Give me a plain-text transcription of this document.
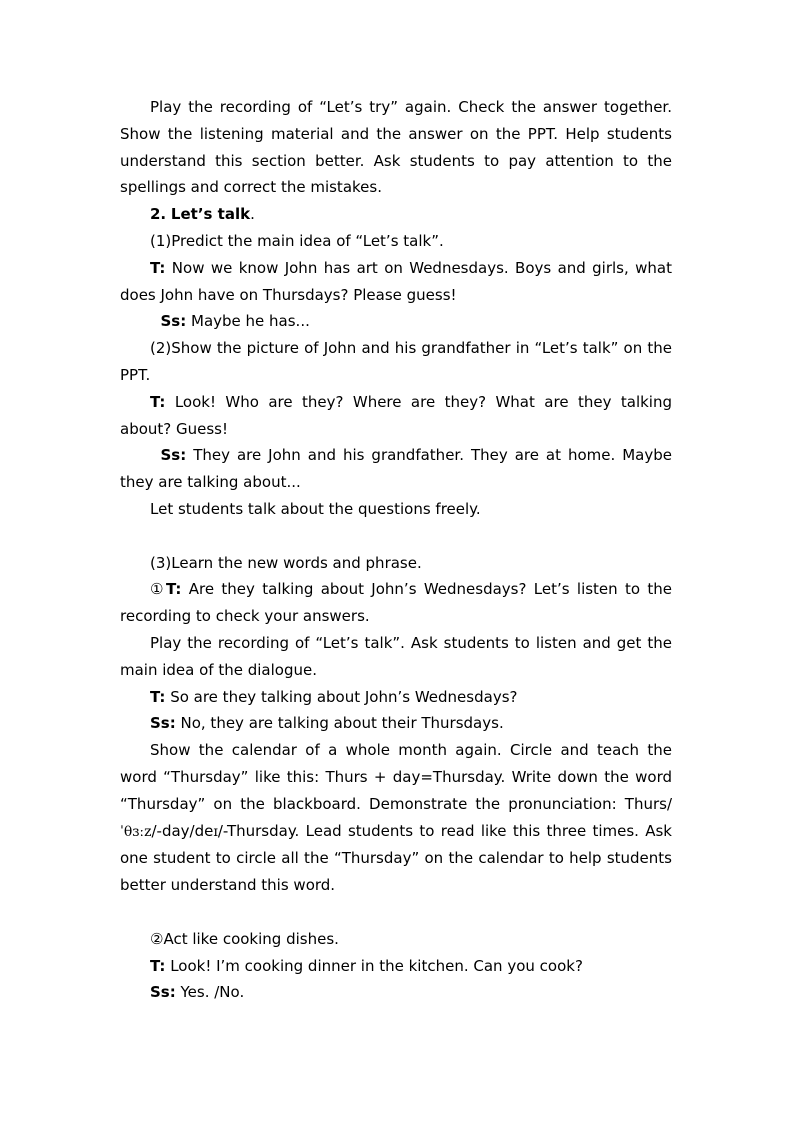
Play the recording of “Let’s try” again. Check the answer together. Show the listening material and the answer on the PPT. Help students understand this section better. Ask students to pay attention to the spellings and correct the mistakes.

2. Let’s talk.

(1)Predict the main idea of “Let’s talk”.

T: Now we know John has art on Wednesdays. Boys and girls, what does John have on Thursdays? Please guess!

Ss: Maybe he has...

(2)Show the picture of John and his grandfather in “Let’s talk” on the PPT.

T: Look! Who are they? Where are they? What are they talking about? Guess!

Ss: They are John and his grandfather. They are at home. Maybe they are talking about...

Let students talk about the questions freely.

(3)Learn the new words and phrase.

①T: Are they talking about John’s Wednesdays? Let’s listen to the recording to check your answers.

Play the recording of “Let’s talk”. Ask students to listen and get the main idea of the dialogue.

T: So are they talking about John’s Wednesdays?

Ss: No, they are talking about their Thursdays.

Show the calendar of a whole month again. Circle and teach the word “Thursday” like this: Thurs + day=Thursday. Write down the word “Thursday” on the blackboard. Demonstrate the pronunciation: Thurs/ˈθɜːz/-day/deɪ/-Thursday. Lead students to read like this three times. Ask one student to circle all the “Thursday” on the calendar to help students better understand this word.

②Act like cooking dishes.

T: Look! I’m cooking dinner in the kitchen. Can you cook?

Ss: Yes. /No.
